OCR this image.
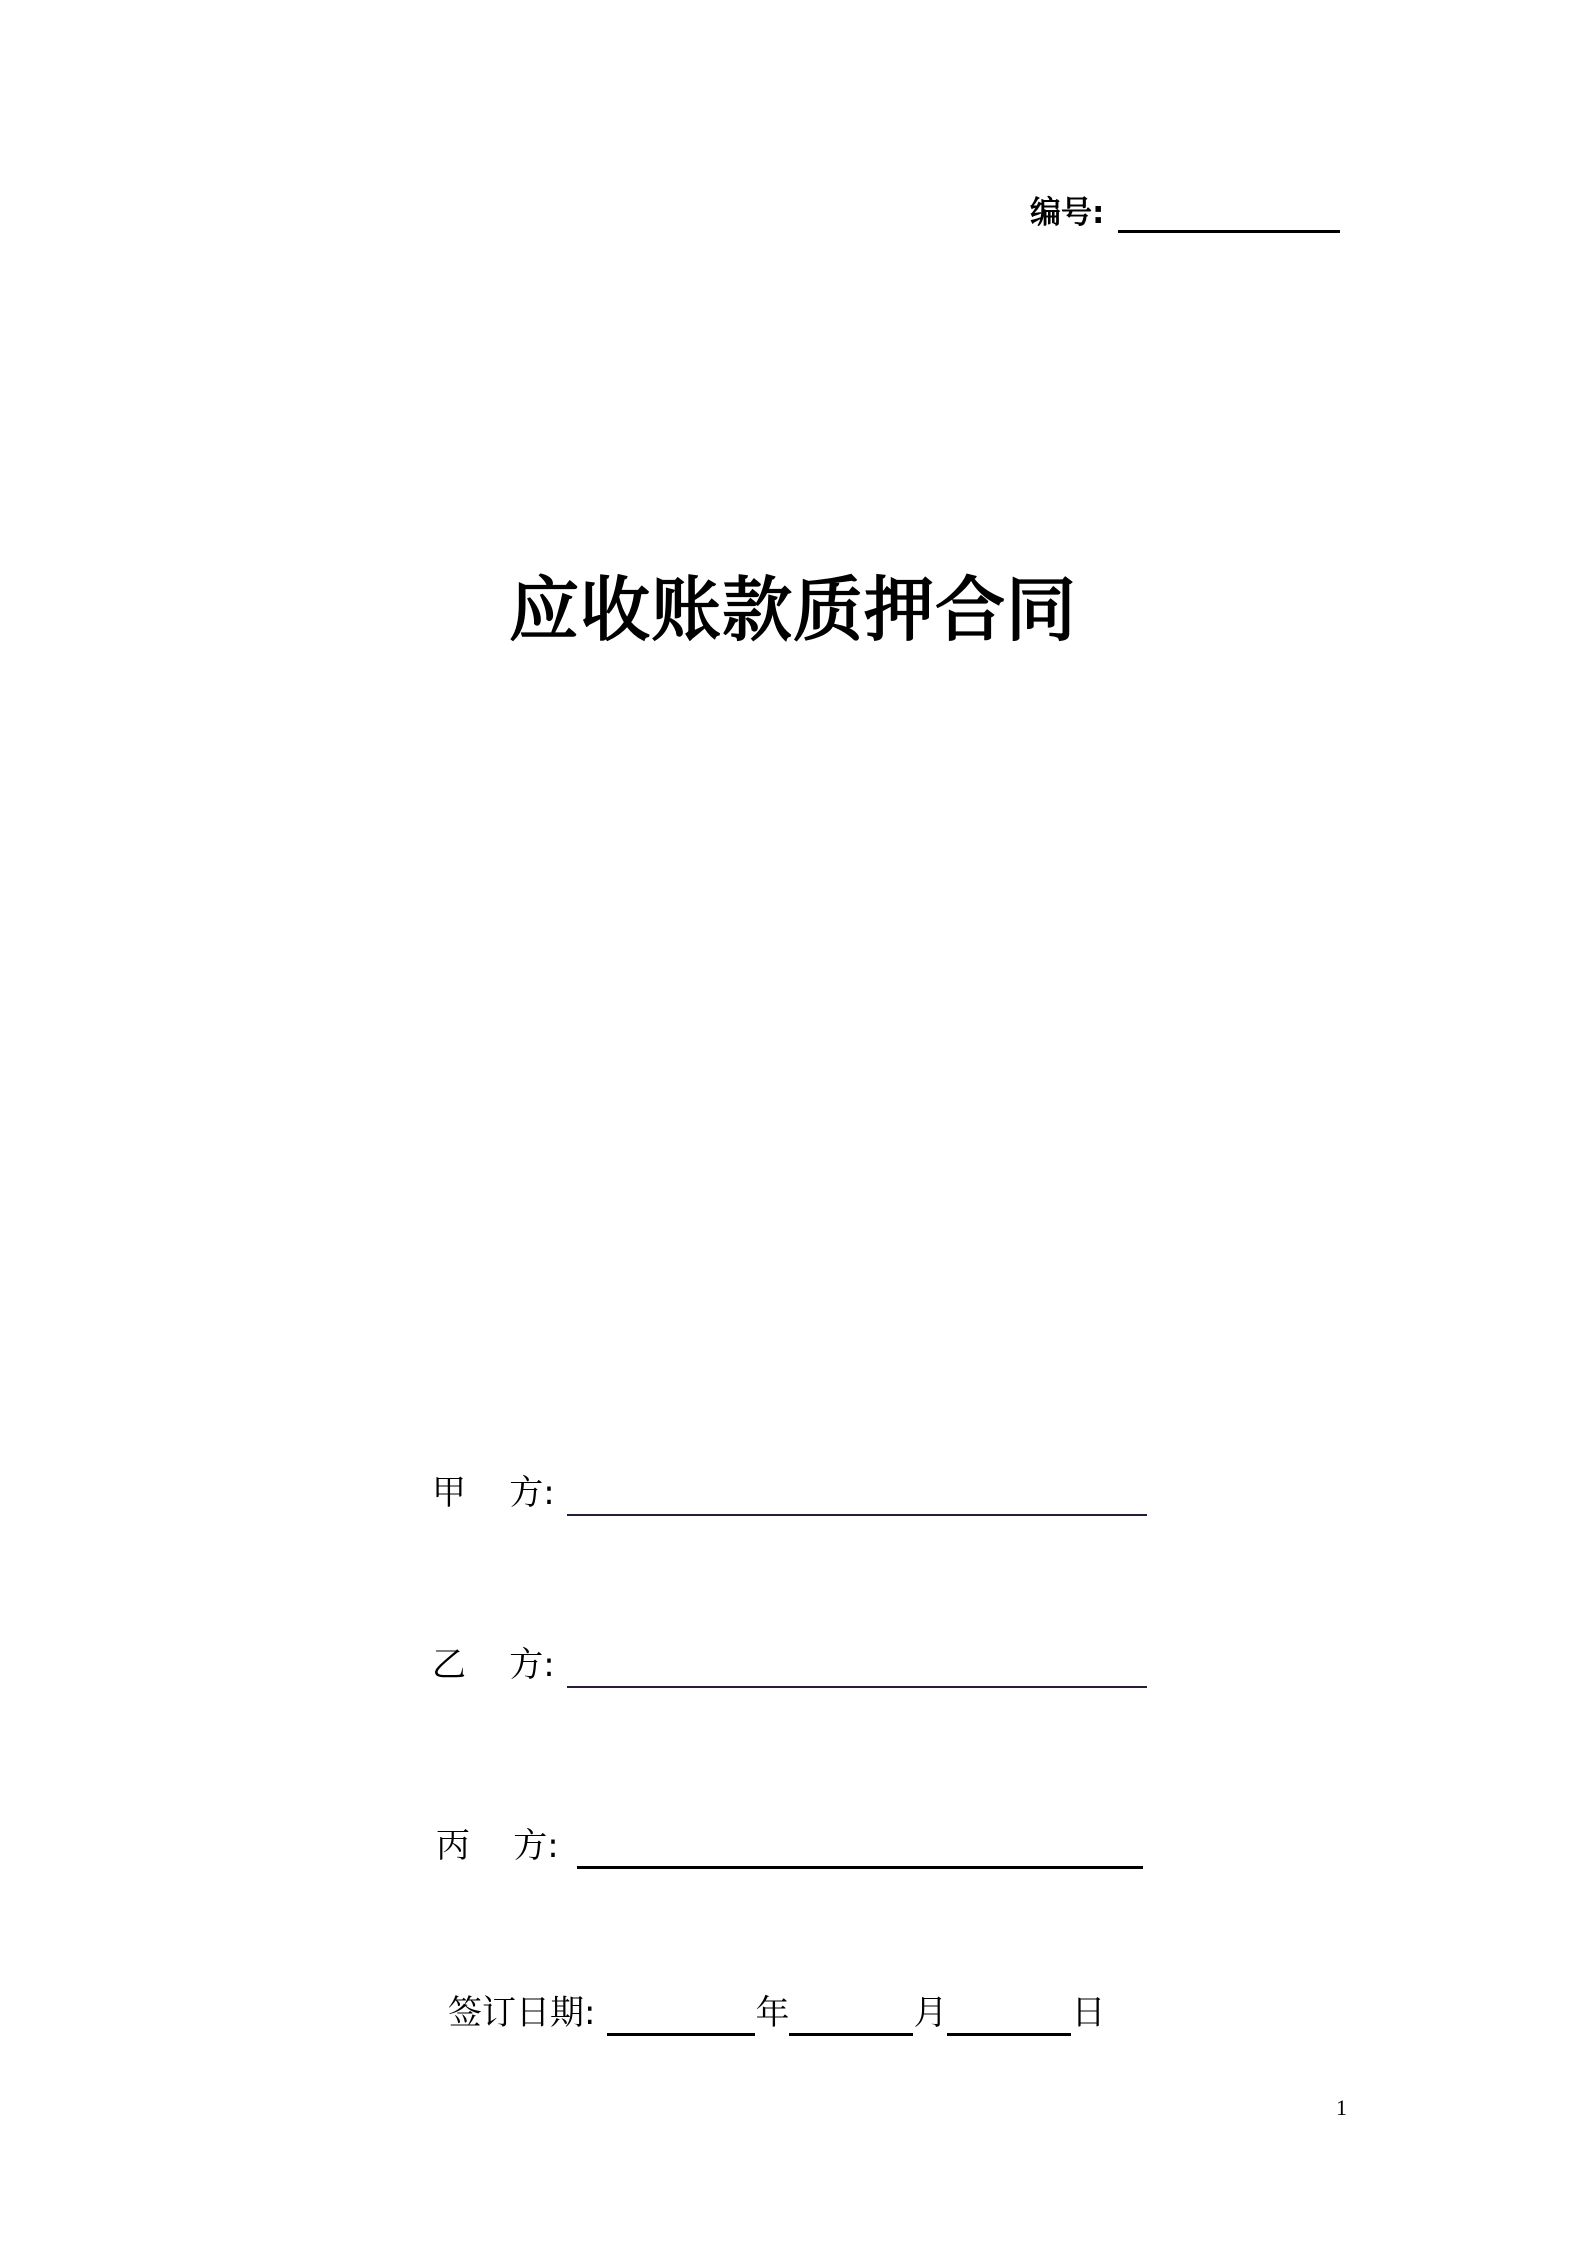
编号:
应收账款质押合同
甲    方:
乙    方:
丙    方:
签订日期:	年	月	日
1
